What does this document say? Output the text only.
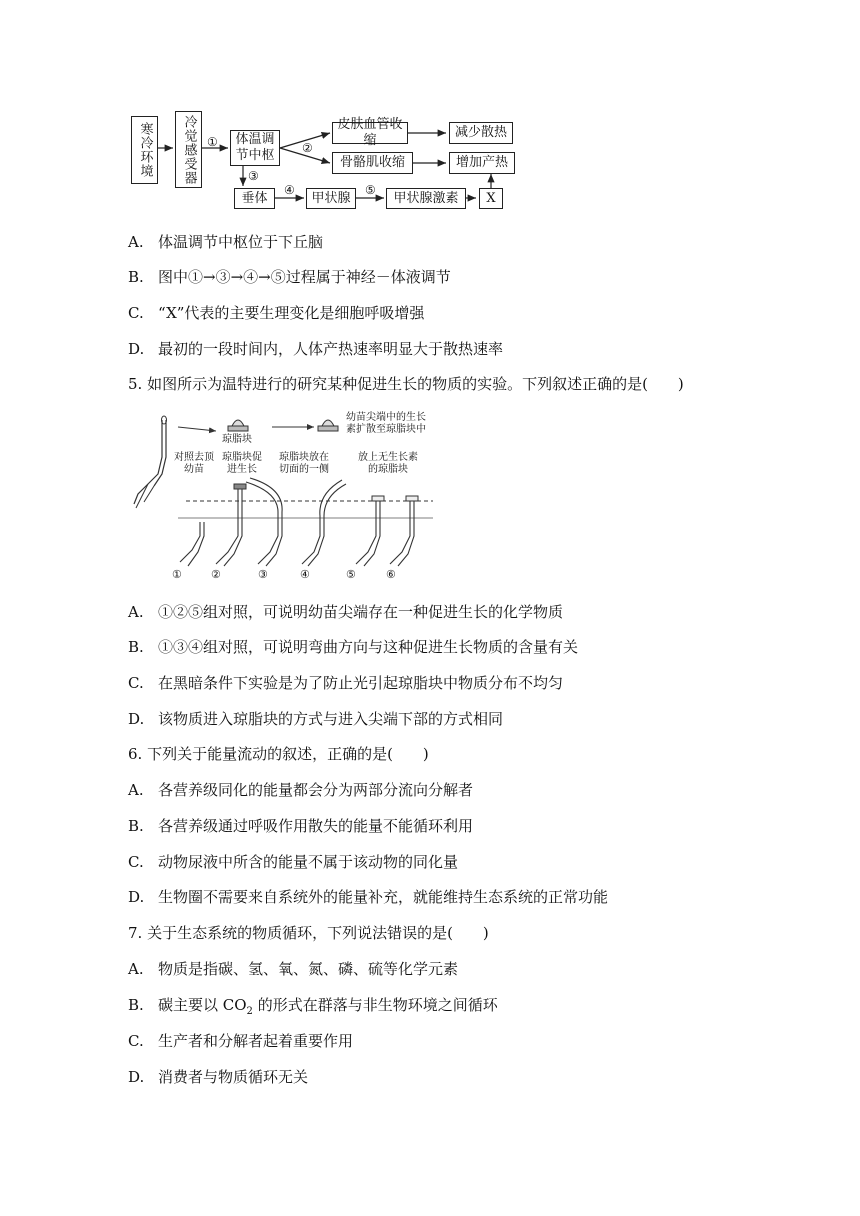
寒冷环境	冷觉感受器	体温调节中枢
皮肤血管收缩
骨骼肌收缩
减少散热
增加产热
垂体	甲状腺	甲状腺激素	X
①	②
③
④	⑤
A. 体温调节中枢位于下丘脑
B. 图中①→③→④→⑤过程属于神经－体液调节
C. “X”代表的主要生理变化是细胞呼吸增强
D. 最初的一段时间内，人体产热速率明显大于散热速率
5. 如图所示为温特进行的研究某种促进生长的物质的实验。下列叙述正确的是(　　)
琼脂块
幼苗尖端中的生长素扩散至琼脂块中
对照去顶幼苗
琼脂块促进生长
琼脂块放在切面的一侧
放上无生长素的琼脂块
①	②	③	④	⑤	⑥
A. ①②⑤组对照，可说明幼苗尖端存在一种促进生长的化学物质
B. ①③④组对照，可说明弯曲方向与这种促进生长物质的含量有关
C. 在黑暗条件下实验是为了防止光引起琼脂块中物质分布不均匀
D. 该物质进入琼脂块的方式与进入尖端下部的方式相同
6. 下列关于能量流动的叙述，正确的是(　　)
A. 各营养级同化的能量都会分为两部分流向分解者
B. 各营养级通过呼吸作用散失的能量不能循环利用
C. 动物尿液中所含的能量不属于该动物的同化量
D. 生物圈不需要来自系统外的能量补充，就能维持生态系统的正常功能
7. 关于生态系统的物质循环，下列说法错误的是(　　)
A. 物质是指碳、氢、氧、氮、磷、硫等化学元素
B. 碳主要以 $CO_2$ 的形式在群落与非生物环境之间循环
C. 生产者和分解者起着重要作用
D. 消费者与物质循环无关
